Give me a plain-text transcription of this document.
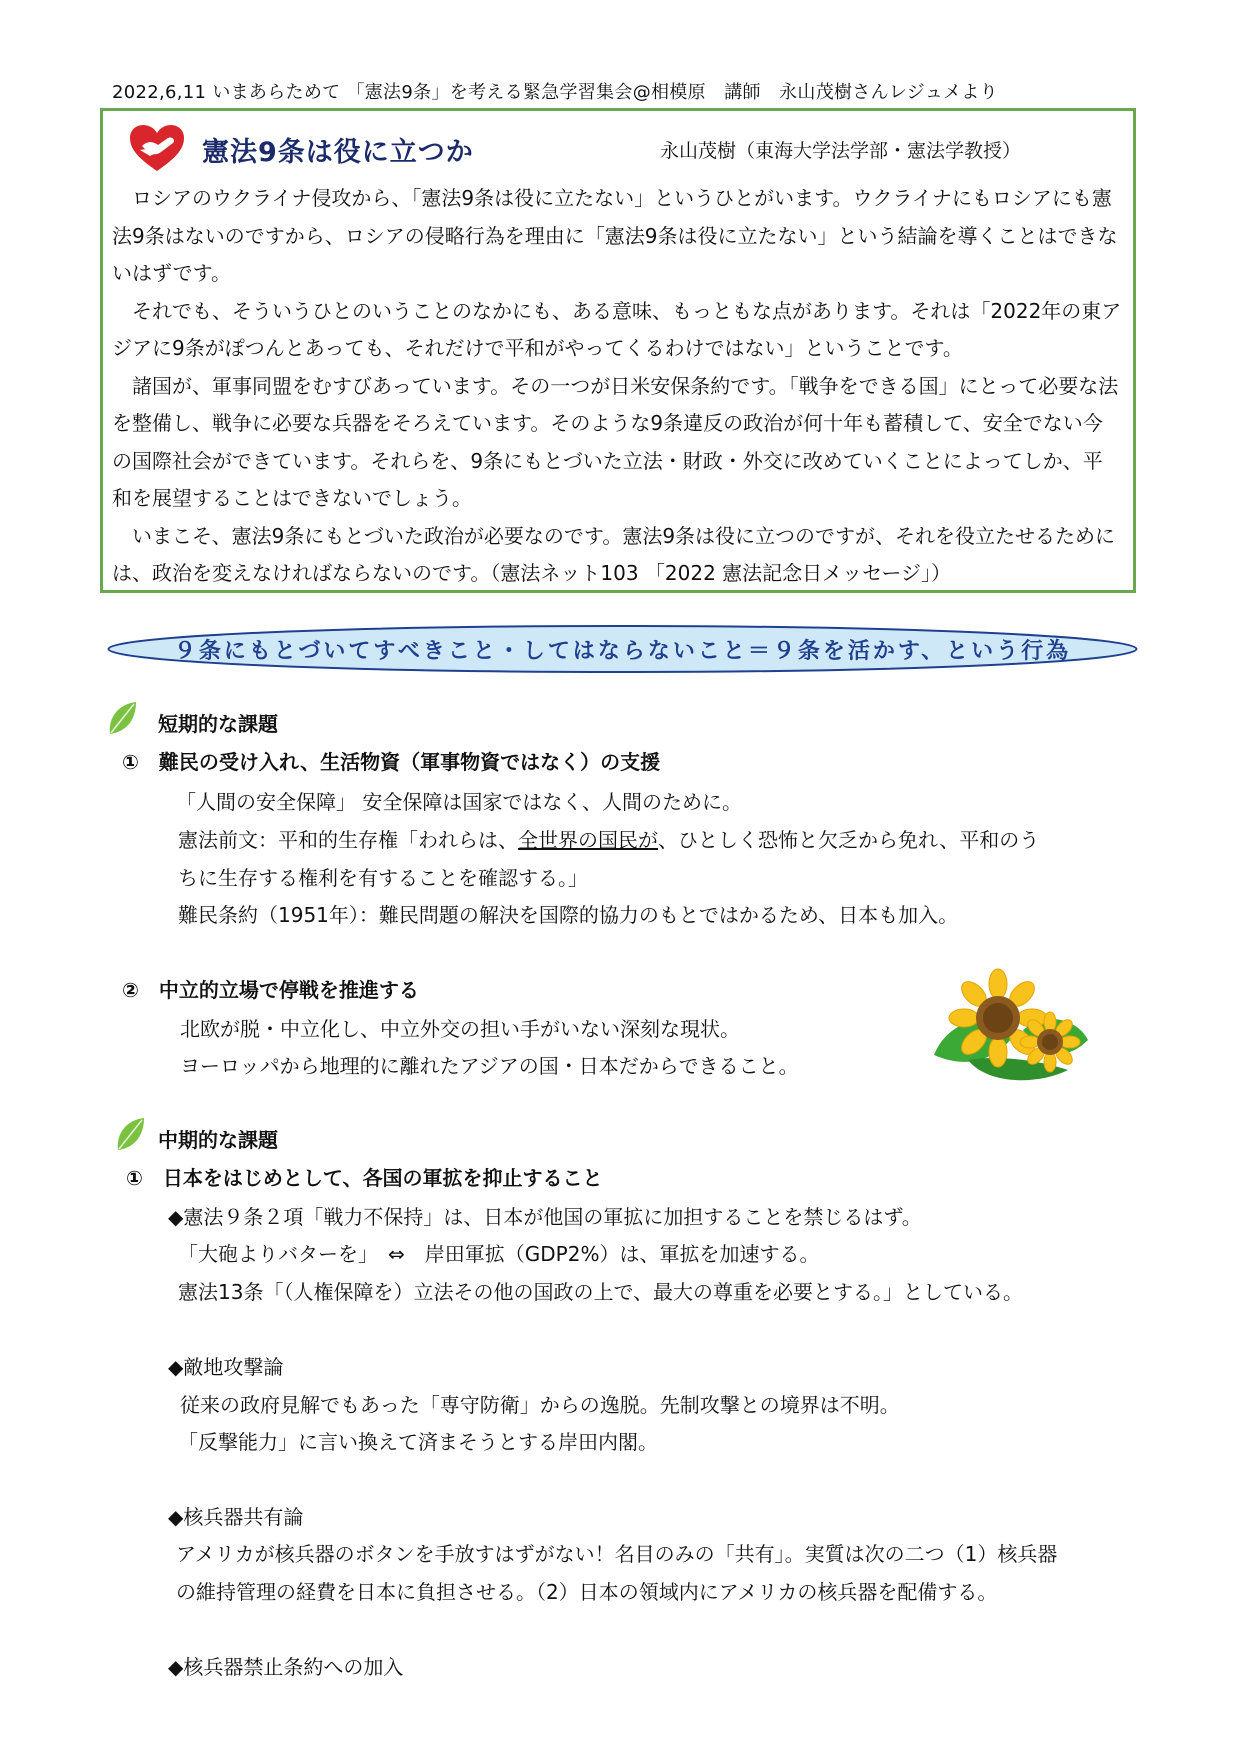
2022,6,11 いまあらためて 「憲法9条」を考える緊急学習集会@相模原　講師　永山茂樹さんレジュメより
憲法9条は役に立つか	永山茂樹（東海大学法学部・憲法学教授）

ロシアのウクライナ侵攻から、「憲法9条は役に立たない」というひとがいます。ウクライナにもロシアにも憲法9条はないのですから、ロシアの侵略行為を理由に「憲法9条は役に立たない」という結論を導くことはできないはずです。

それでも、そういうひとのいうことのなかにも、ある意味、もっともな点があります。それは「2022年の東アジアに9条がぽつんとあっても、それだけで平和がやってくるわけではない」ということです。

諸国が、軍事同盟をむすびあっています。その一つが日米安保条約です。「戦争をできる国」にとって必要な法を整備し、戦争に必要な兵器をそろえています。そのような9条違反の政治が何十年も蓄積して、安全でない今の国際社会ができています。それらを、9条にもとづいた立法・財政・外交に改めていくことによってしか、平和を展望することはできないでしょう。

いまこそ、憲法9条にもとづいた政治が必要なのです。憲法9条は役に立つのですが、それを役立たせるためには、政治を変えなければならないのです。（憲法ネット103 「2022 憲法記念日メッセージ」）

９条にもとづいてすべきこと・してはならないこと＝９条を活かす、という行為
短期的な課題
①　難民の受け入れ、生活物資（軍事物資ではなく）の支援
「人間の安全保障」 安全保障は国家ではなく、人間のために。
憲法前文：平和的生存権「われらは、全世界の国民が、ひとしく恐怖と欠乏から免れ、平和のう
ちに生存する権利を有することを確認する。」
難民条約（1951年）：難民問題の解決を国際的協力のもとではかるため、日本も加入。
②　中立的立場で停戦を推進する
北欧が脱・中立化し、中立外交の担い手がいない深刻な現状。
ヨーロッパから地理的に離れたアジアの国・日本だからできること。
中期的な課題
①　日本をはじめとして、各国の軍拡を抑止すること
◆憲法９条２項「戦力不保持」は、日本が他国の軍拡に加担することを禁じるはず。
「大砲よりバターを」　⇔　岸田軍拡（GDP2%）は、軍拡を加速する。
憲法13条「（人権保障を）立法その他の国政の上で、最大の尊重を必要とする。」としている。
◆敵地攻撃論
従来の政府見解でもあった「専守防衛」からの逸脱。先制攻撃との境界は不明。
「反撃能力」に言い換えて済まそうとする岸田内閣。
◆核兵器共有論
アメリカが核兵器のボタンを手放すはずがない！名目のみの「共有」。実質は次の二つ（1）核兵器
の維持管理の経費を日本に負担させる。（2）日本の領域内にアメリカの核兵器を配備する。
◆核兵器禁止条約への加入
